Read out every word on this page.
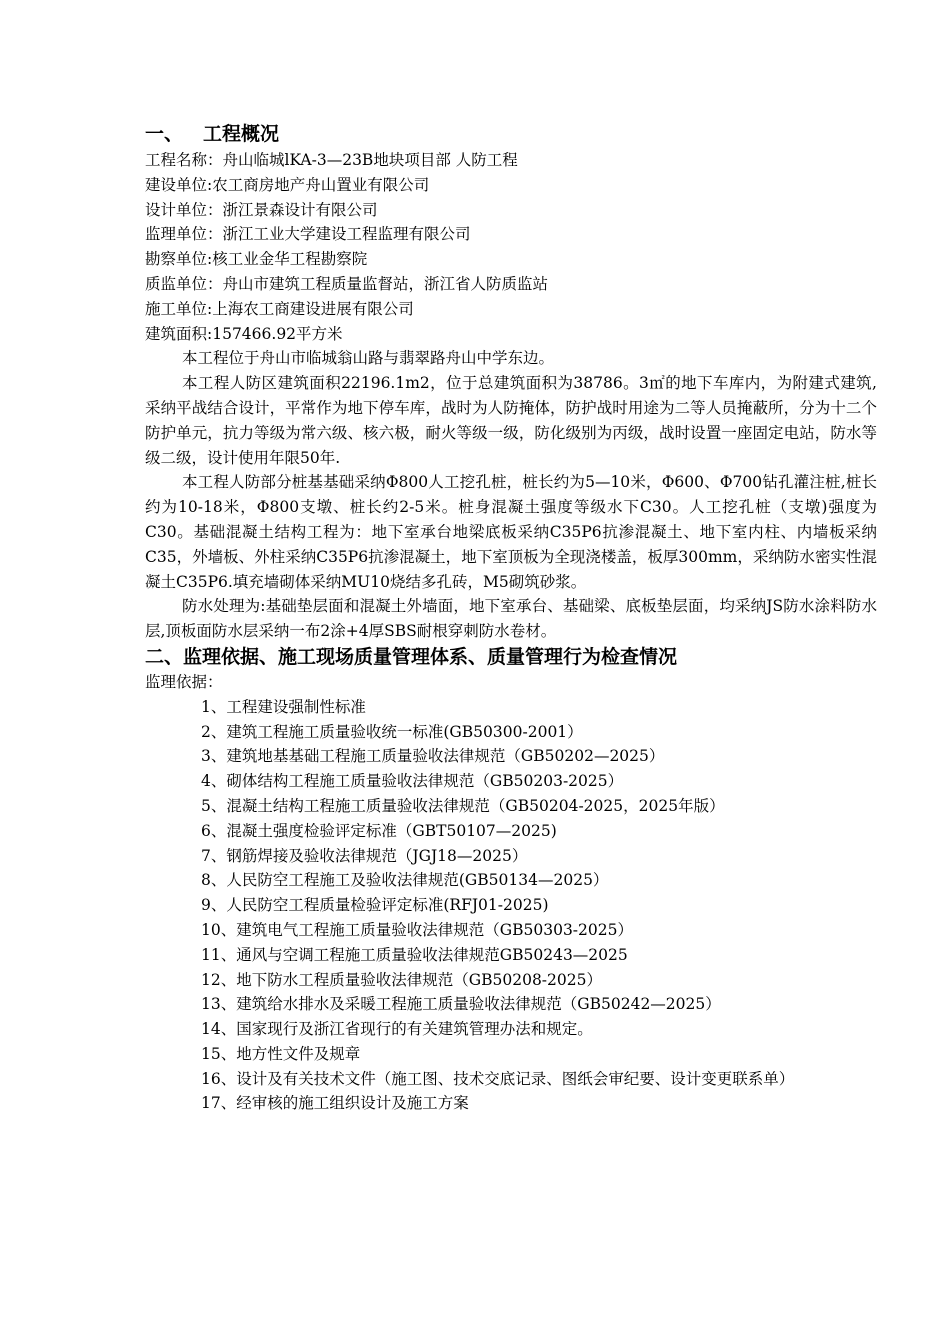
一、 工程概况
工程名称：舟山临城lKA-3—23B地块项目部 人防工程
建设单位:农工商房地产舟山置业有限公司
设计单位：浙江景森设计有限公司
监理单位：浙江工业大学建设工程监理有限公司
勘察单位:核工业金华工程勘察院
质监单位：舟山市建筑工程质量监督站，浙江省人防质监站
施工单位:上海农工商建设进展有限公司
建筑面积:157466.92平方米
本工程位于舟山市临城翁山路与翡翠路舟山中学东边。
本工程人防区建筑面积22196.1m2，位于总建筑面积为38786。3㎡的地下车库内，为附建式建筑,采纳平战结合设计，平常作为地下停车库，战时为人防掩体，防护战时用途为二等人员掩蔽所，分为十二个防护单元，抗力等级为常六级、核六极，耐火等级一级，防化级别为丙级，战时设置一座固定电站，防水等级二级，设计使用年限50年.
本工程人防部分桩基基础采纳Φ800人工挖孔桩，桩长约为5—10米，Φ600、Φ700钻孔灌注桩,桩长约为10-18米，Φ800支墩、桩长约2-5米。桩身混凝土强度等级水下C30。人工挖孔桩（支墩)强度为C30。基础混凝土结构工程为：地下室承台地梁底板采纳C35P6抗渗混凝土、地下室内柱、内墙板采纳C35，外墙板、外柱采纳C35P6抗渗混凝土，地下室顶板为全现浇楼盖，板厚300mm，采纳防水密实性混凝土C35P6.填充墙砌体采纳MU10烧结多孔砖，M5砌筑砂浆。
防水处理为:基础垫层面和混凝土外墙面，地下室承台、基础梁、底板垫层面，均采纳JS防水涂料防水层,顶板面防水层采纳一布2涂+4厚SBS耐根穿刺防水卷材。
二、监理依据、施工现场质量管理体系、质量管理行为检查情况
监理依据：
1、工程建设强制性标准
2、建筑工程施工质量验收统一标准(GB50300-2001）
3、建筑地基基础工程施工质量验收法律规范（GB50202—2025）
4、砌体结构工程施工质量验收法律规范（GB50203-2025）
5、混凝土结构工程施工质量验收法律规范（GB50204-2025，2025年版）
6、混凝土强度检验评定标准（GBT50107—2025)
7、钢筋焊接及验收法律规范（JGJ18—2025）
8、人民防空工程施工及验收法律规范(GB50134—2025）
9、人民防空工程质量检验评定标准(RFJ01-2025)
10、建筑电气工程施工质量验收法律规范（GB50303-2025）
11、通风与空调工程施工质量验收法律规范GB50243—2025
12、地下防水工程质量验收法律规范（GB50208-2025）
13、建筑给水排水及采暖工程施工质量验收法律规范（GB50242—2025）
14、国家现行及浙江省现行的有关建筑管理办法和规定。
15、地方性文件及规章
16、设计及有关技术文件（施工图、技术交底记录、图纸会审纪要、设计变更联系单）
17、经审核的施工组织设计及施工方案
